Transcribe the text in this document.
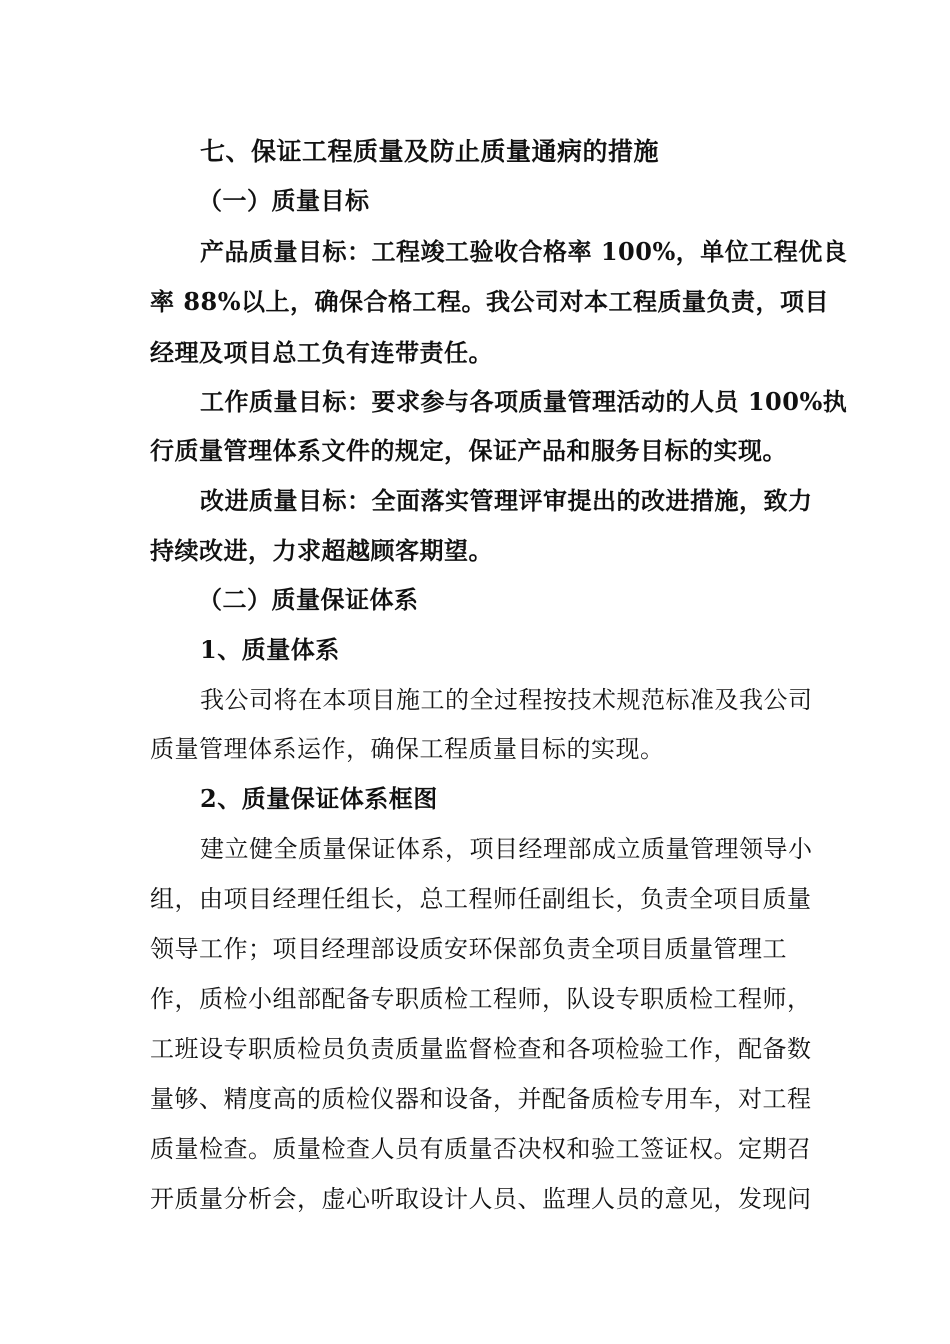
七、保证工程质量及防止质量通病的措施
（一）质量目标
产品质量目标：工程竣工验收合格率 100%，单位工程优良
率 88%以上，确保合格工程。我公司对本工程质量负责，项目
经理及项目总工负有连带责任。
工作质量目标：要求参与各项质量管理活动的人员 100%执
行质量管理体系文件的规定，保证产品和服务目标的实现。
改进质量目标：全面落实管理评审提出的改进措施，致力
持续改进，力求超越顾客期望。
（二）质量保证体系
1、质量体系
我公司将在本项目施工的全过程按技术规范标准及我公司
质量管理体系运作，确保工程质量目标的实现。
2、质量保证体系框图
建立健全质量保证体系，项目经理部成立质量管理领导小
组，由项目经理任组长，总工程师任副组长，负责全项目质量
领导工作；项目经理部设质安环保部负责全项目质量管理工
作，质检小组部配备专职质检工程师，队设专职质检工程师，
工班设专职质检员负责质量监督检查和各项检验工作，配备数
量够、精度高的质检仪器和设备，并配备质检专用车，对工程
质量检查。质量检查人员有质量否决权和验工签证权。定期召
开质量分析会，虚心听取设计人员、监理人员的意见，发现问
